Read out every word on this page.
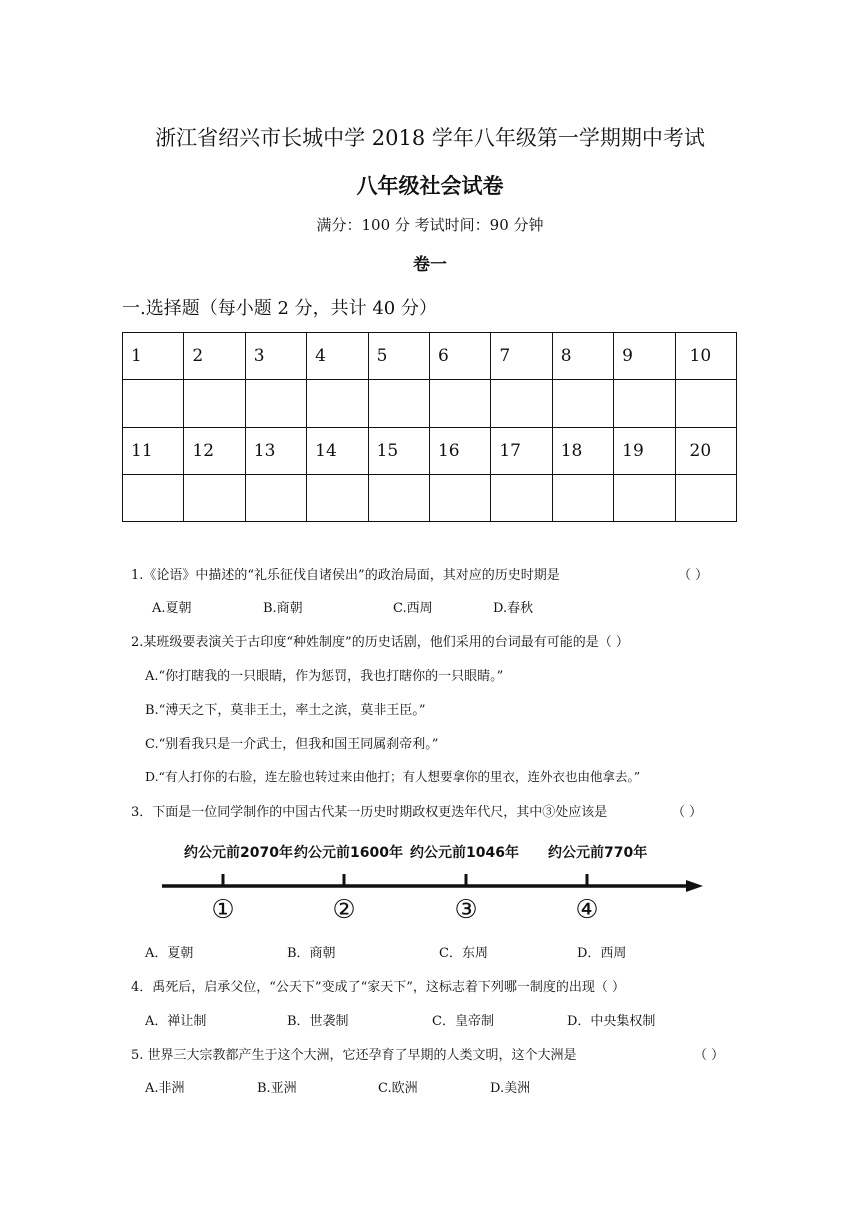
浙江省绍兴市长城中学 2018 学年八年级第一学期期中考试
八年级社会试卷
满分：100 分 考试时间：90 分钟
卷一
一.选择题（每小题 2 分，共计 40 分）
1	2	3	4	5	6	7	8	9	10

11	12	13	14	15	16	17	18	19	20

1.《论语》中描述的“礼乐征伐自诸侯出”的政治局面，其对应的历史时期是	（ ）
A.夏朝	B.商朝	C.西周	D.春秋
2.某班级要表演关于古印度“种姓制度”的历史话剧，他们采用的台词最有可能的是（ ）
A.“你打瞎我的一只眼睛，作为惩罚，我也打瞎你的一只眼睛。”
B.“溥天之下，莫非王土，率土之滨，莫非王臣。”
C.“别看我只是一介武士，但我和国王同属刹帝利。”
D.“有人打你的右脸，连左脸也转过来由他打；有人想要拿你的里衣，连外衣也由他拿去。”
3．下面是一位同学制作的中国古代某一历史时期政权更迭年代尺，其中③处应该是	（ ）
约公元前2070年 约公元前1600年 约公元前1046年 约公元前770年
①	②	③	④
A．夏朝	B．商朝	C．东周	D．西周
4．禹死后，启承父位，“公天下”变成了“家天下”，这标志着下列哪一制度的出现（ ）
A．禅让制	B．世袭制	C．皇帝制	D．中央集权制
5. 世界三大宗教都产生于这个大洲，它还孕育了早期的人类文明，这个大洲是	（ ）
A.非洲	B.亚洲	C.欧洲	D.美洲
